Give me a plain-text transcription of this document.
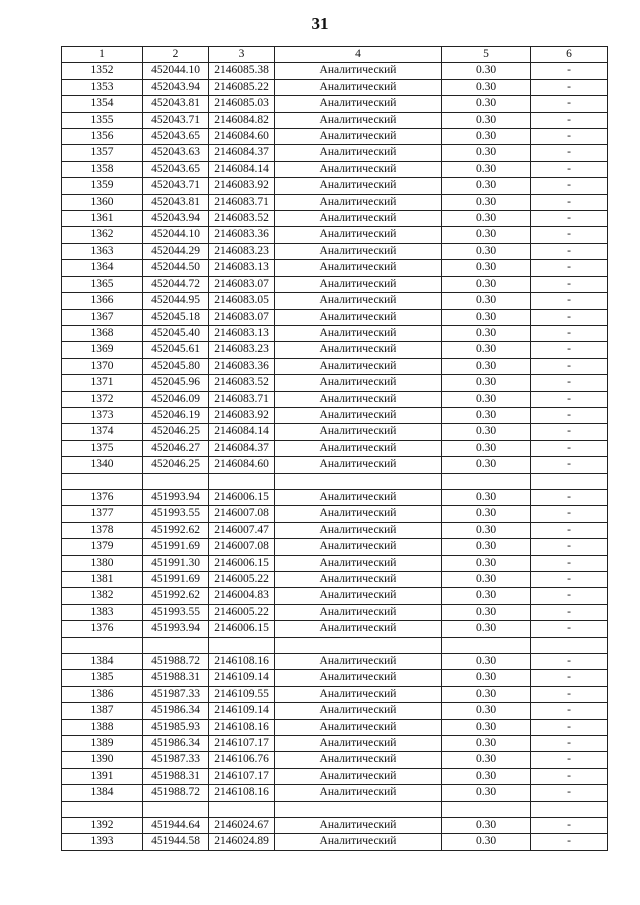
31
1	2	3	4	5	6
1352	452044.10	2146085.38	Аналитический	0.30	-
1353	452043.94	2146085.22	Аналитический	0.30	-
1354	452043.81	2146085.03	Аналитический	0.30	-
1355	452043.71	2146084.82	Аналитический	0.30	-
1356	452043.65	2146084.60	Аналитический	0.30	-
1357	452043.63	2146084.37	Аналитический	0.30	-
1358	452043.65	2146084.14	Аналитический	0.30	-
1359	452043.71	2146083.92	Аналитический	0.30	-
1360	452043.81	2146083.71	Аналитический	0.30	-
1361	452043.94	2146083.52	Аналитический	0.30	-
1362	452044.10	2146083.36	Аналитический	0.30	-
1363	452044.29	2146083.23	Аналитический	0.30	-
1364	452044.50	2146083.13	Аналитический	0.30	-
1365	452044.72	2146083.07	Аналитический	0.30	-
1366	452044.95	2146083.05	Аналитический	0.30	-
1367	452045.18	2146083.07	Аналитический	0.30	-
1368	452045.40	2146083.13	Аналитический	0.30	-
1369	452045.61	2146083.23	Аналитический	0.30	-
1370	452045.80	2146083.36	Аналитический	0.30	-
1371	452045.96	2146083.52	Аналитический	0.30	-
1372	452046.09	2146083.71	Аналитический	0.30	-
1373	452046.19	2146083.92	Аналитический	0.30	-
1374	452046.25	2146084.14	Аналитический	0.30	-
1375	452046.27	2146084.37	Аналитический	0.30	-
1340	452046.25	2146084.60	Аналитический	0.30	-

1376	451993.94	2146006.15	Аналитический	0.30	-
1377	451993.55	2146007.08	Аналитический	0.30	-
1378	451992.62	2146007.47	Аналитический	0.30	-
1379	451991.69	2146007.08	Аналитический	0.30	-
1380	451991.30	2146006.15	Аналитический	0.30	-
1381	451991.69	2146005.22	Аналитический	0.30	-
1382	451992.62	2146004.83	Аналитический	0.30	-
1383	451993.55	2146005.22	Аналитический	0.30	-
1376	451993.94	2146006.15	Аналитический	0.30	-

1384	451988.72	2146108.16	Аналитический	0.30	-
1385	451988.31	2146109.14	Аналитический	0.30	-
1386	451987.33	2146109.55	Аналитический	0.30	-
1387	451986.34	2146109.14	Аналитический	0.30	-
1388	451985.93	2146108.16	Аналитический	0.30	-
1389	451986.34	2146107.17	Аналитический	0.30	-
1390	451987.33	2146106.76	Аналитический	0.30	-
1391	451988.31	2146107.17	Аналитический	0.30	-
1384	451988.72	2146108.16	Аналитический	0.30	-

1392	451944.64	2146024.67	Аналитический	0.30	-
1393	451944.58	2146024.89	Аналитический	0.30	-
